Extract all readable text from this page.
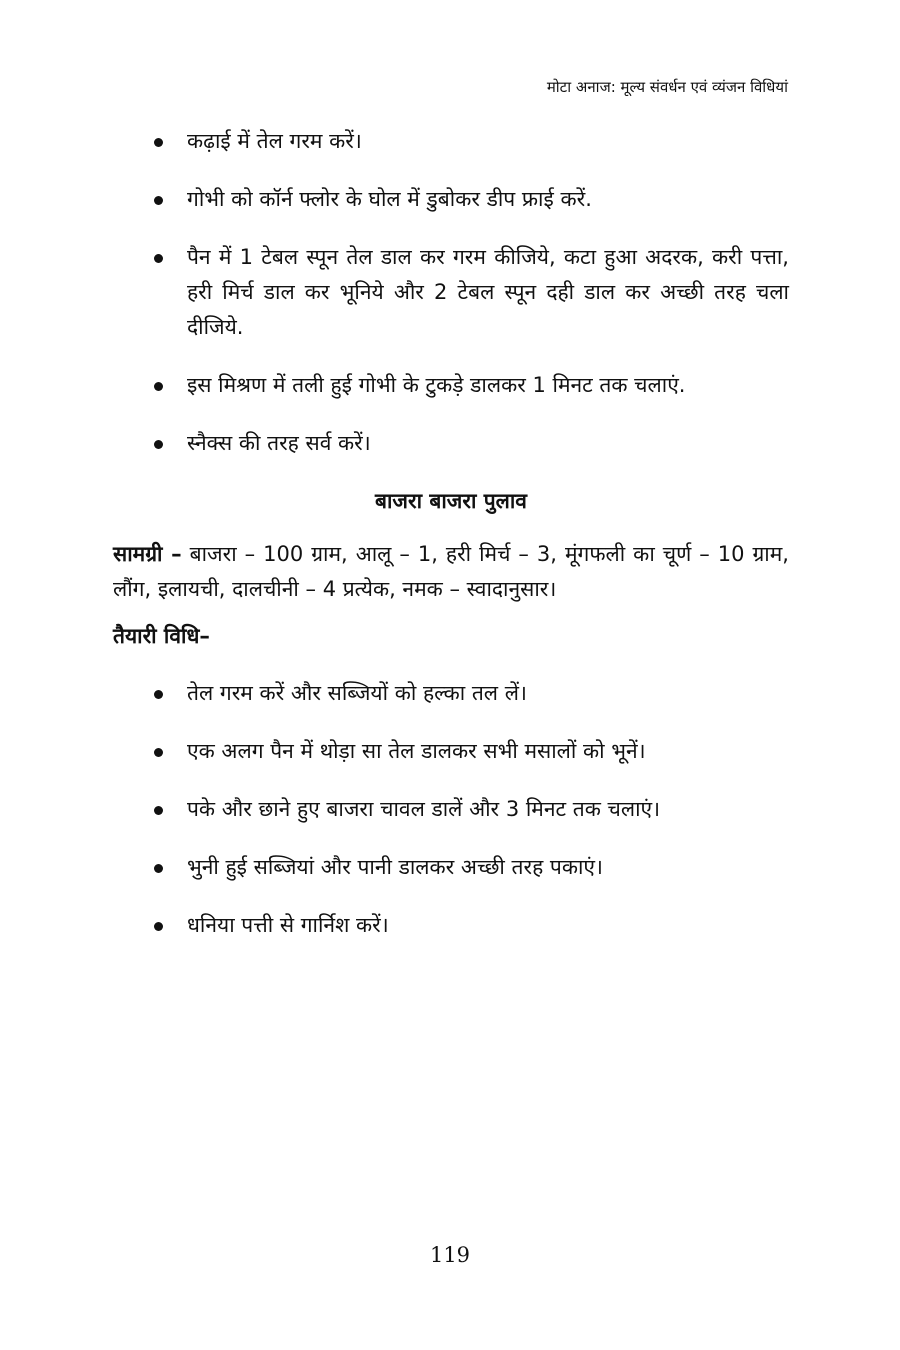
मोटा अनाज: मूल्य संवर्धन एवं व्यंजन विधियां
कढ़ाई में तेल गरम करें।
गोभी को कॉर्न फ्लोर के घोल में डुबोकर डीप फ्राई करें.
पैन में 1 टेबल स्पून तेल डाल कर गरम कीजिये, कटा हुआ अदरक, करी पत्ता, हरी मिर्च डाल कर भूनिये और 2 टेबल स्पून दही डाल कर अच्छी तरह चला दीजिये.
इस मिश्रण में तली हुई गोभी के टुकड़े डालकर 1 मिनट तक चलाएं.
स्नैक्स की तरह सर्व करें।
बाजरा बाजरा पुलाव

सामग्री – बाजरा – 100 ग्राम, आलू – 1, हरी मिर्च – 3, मूंगफली का चूर्ण – 10 ग्राम, लौंग, इलायची, दालचीनी – 4 प्रत्येक, नमक – स्वादानुसार।

तैयारी विधि–
तेल गरम करें और सब्जियों को हल्का तल लें।
एक अलग पैन में थोड़ा सा तेल डालकर सभी मसालों को भूनें।
पके और छाने हुए बाजरा चावल डालें और 3 मिनट तक चलाएं।
भुनी हुई सब्जियां और पानी डालकर अच्छी तरह पकाएं।
धनिया पत्ती से गार्निश करें।
119
